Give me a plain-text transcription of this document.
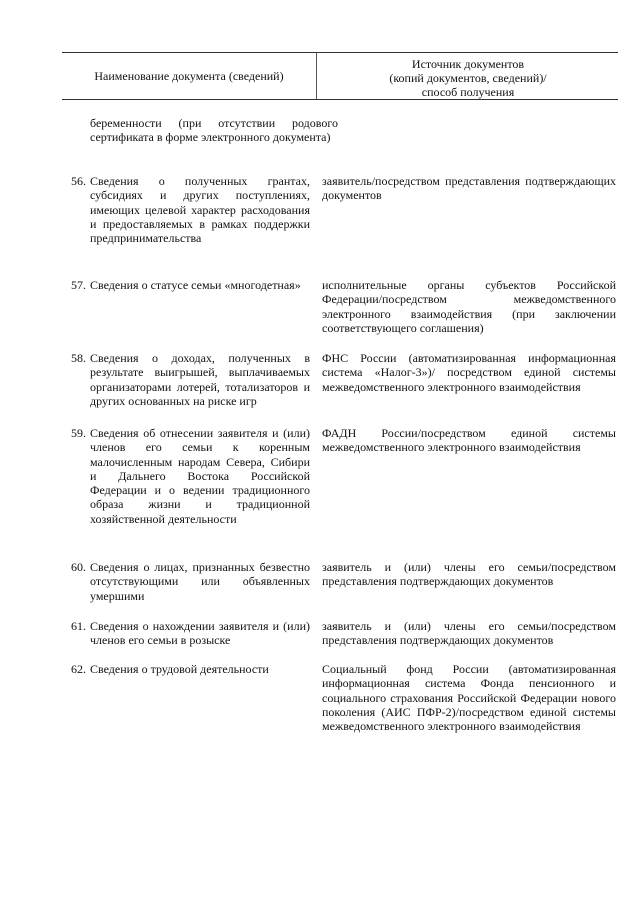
Наименование документа (сведений)
Источник документов
(копий документов, сведений)/
способ получения
беременности (при отсутствии родового сертификата в форме электронного документа)
56. Сведения о полученных грантах, субсидиях и других поступлениях, имеющих целевой характер расходования и предоставляемых в рамках поддержки предпринимательства
заявитель/посредством представления подтверждающих документов
57. Сведения о статусе семьи «многодетная»	исполнительные органы субъектов Российской Федерации/посредством межведомственного электронного взаимодействия (при заключении соответствующего соглашения)
58. Сведения о доходах, полученных в результате выигрышей, выплачиваемых организаторами лотерей, тотализаторов и других основанных на риске игр
ФНС России (автоматизированная информационная система «Налог-3»)/ посредством единой системы межведомственного электронного взаимодействия
59. Сведения об отнесении заявителя и (или) членов его семьи к коренным малочисленным народам Севера, Сибири и Дальнего Востока Российской Федерации и о ведении традиционного образа жизни и традиционной хозяйственной деятельности
ФАДН России/посредством единой системы межведомственного электронного взаимодействия
60. Сведения о лицах, признанных безвестно отсутствующими или объявленных умершими
заявитель и (или) члены его семьи/посредством представления подтверждающих документов
61. Сведения о нахождении заявителя и (или) членов его семьи в розыске
заявитель и (или) члены его семьи/посредством представления подтверждающих документов
62. Сведения о трудовой деятельности	Социальный фонд России (автоматизированная информационная система Фонда пенсионного и социального страхования Российской Федерации нового поколения (АИС ПФР-2)/посредством единой системы межведомственного электронного взаимодействия
